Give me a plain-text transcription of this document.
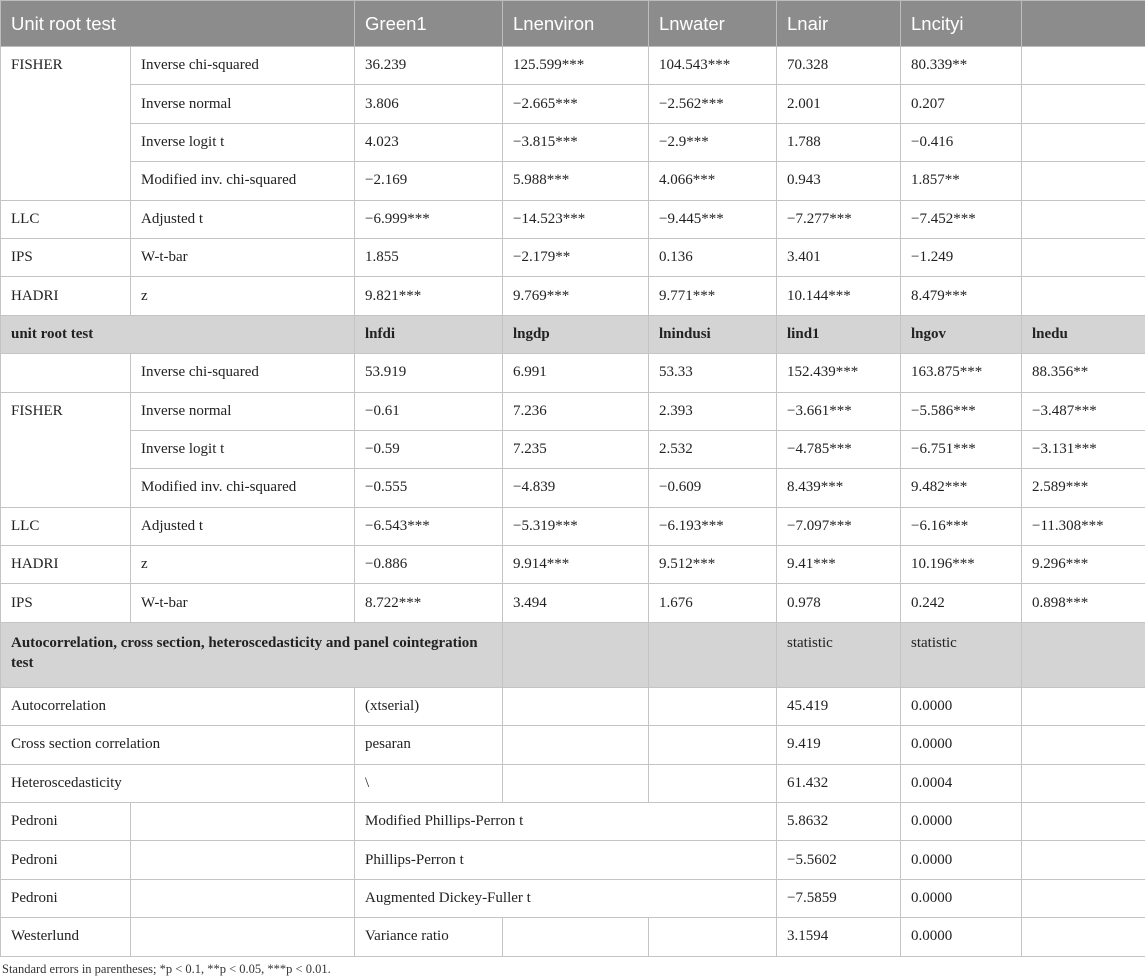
Unit root test		Green1	Lnenviron	Lnwater	Lnair	Lncityi	
FISHER	Inverse chi-squared	36.239	125.599***	104.543***	70.328	80.339**	
	Inverse normal	3.806	−2.665***	−2.562***	2.001	0.207	
	Inverse logit t	4.023	−3.815***	−2.9***	1.788	−0.416	
	Modified inv. chi-squared	−2.169	5.988***	4.066***	0.943	1.857**	
LLC	Adjusted t	−6.999***	−14.523***	−9.445***	−7.277***	−7.452***	
IPS	W-t-bar	1.855	−2.179**	0.136	3.401	−1.249	
HADRI	z	9.821***	9.769***	9.771***	10.144***	8.479***	
unit root test		lnfdi	lngdp	lnindusi	lind1	lngov	lnedu
	Inverse chi-squared	53.919	6.991	53.33	152.439***	163.875***	88.356**
FISHER	Inverse normal	−0.61	7.236	2.393	−3.661***	−5.586***	−3.487***
	Inverse logit t	−0.59	7.235	2.532	−4.785***	−6.751***	−3.131***
	Modified inv. chi-squared	−0.555	−4.839	−0.609	8.439***	9.482***	2.589***
LLC	Adjusted t	−6.543***	−5.319***	−6.193***	−7.097***	−6.16***	−11.308***
HADRI	z	−0.886	9.914***	9.512***	9.41***	10.196***	9.296***
IPS	W-t-bar	8.722***	3.494	1.676	0.978	0.242	0.898***
Autocorrelation, cross section, heteroscedasticity and panel cointegration test					statistic	statistic	
Autocorrelation		(xtserial)			45.419	0.0000	
Cross section correlation		pesaran			9.419	0.0000	
Heteroscedasticity		\			61.432	0.0004	
Pedroni		Modified Phillips-Perron t			5.8632	0.0000	
Pedroni		Phillips-Perron t			−5.5602	0.0000	
Pedroni		Augmented Dickey-Fuller t			−7.5859	0.0000	
Westerlund		Variance ratio			3.1594	0.0000	

Standard errors in parentheses; *p < 0.1, **p < 0.05, ***p < 0.01.
